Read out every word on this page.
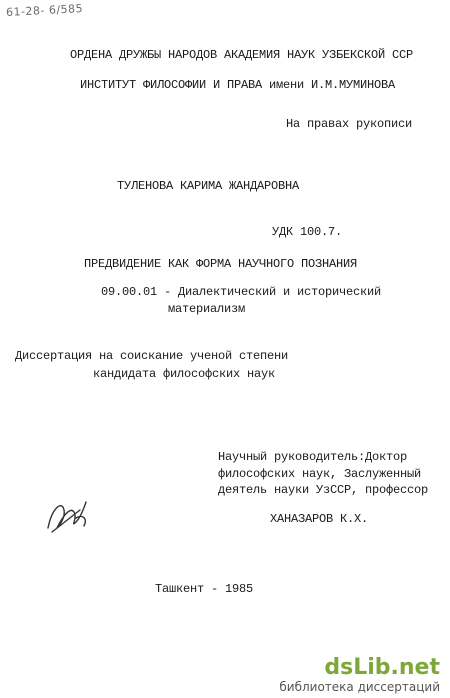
61-28- 6/585
ОРДЕНА ДРУЖБЫ НАРОДОВ АКАДЕМИЯ НАУК УЗБЕКСКОЙ ССР
ИНСТИТУТ ФИЛОСОФИИ И ПРАВА имени И.М.МУМИНОВА
На правах рукописи
ТУЛЕНОВА КАРИМА ЖАНДАРОВНА
УДК 100.7.
ПРЕДВИДЕНИЕ КАК ФОРМА НАУЧНОГО ПОЗНАНИЯ
09.00.01 - Диалектический и исторический
материализм
Диссертация на соискание ученой степени
кандидата философских наук
Научный руководитель:Доктор
философских наук, Заслуженный
деятель науки УзССР, профессор
ХАНАЗАРОВ К.Х.
Ташкент - 1985
dsLib.net
библиотека диссертаций
